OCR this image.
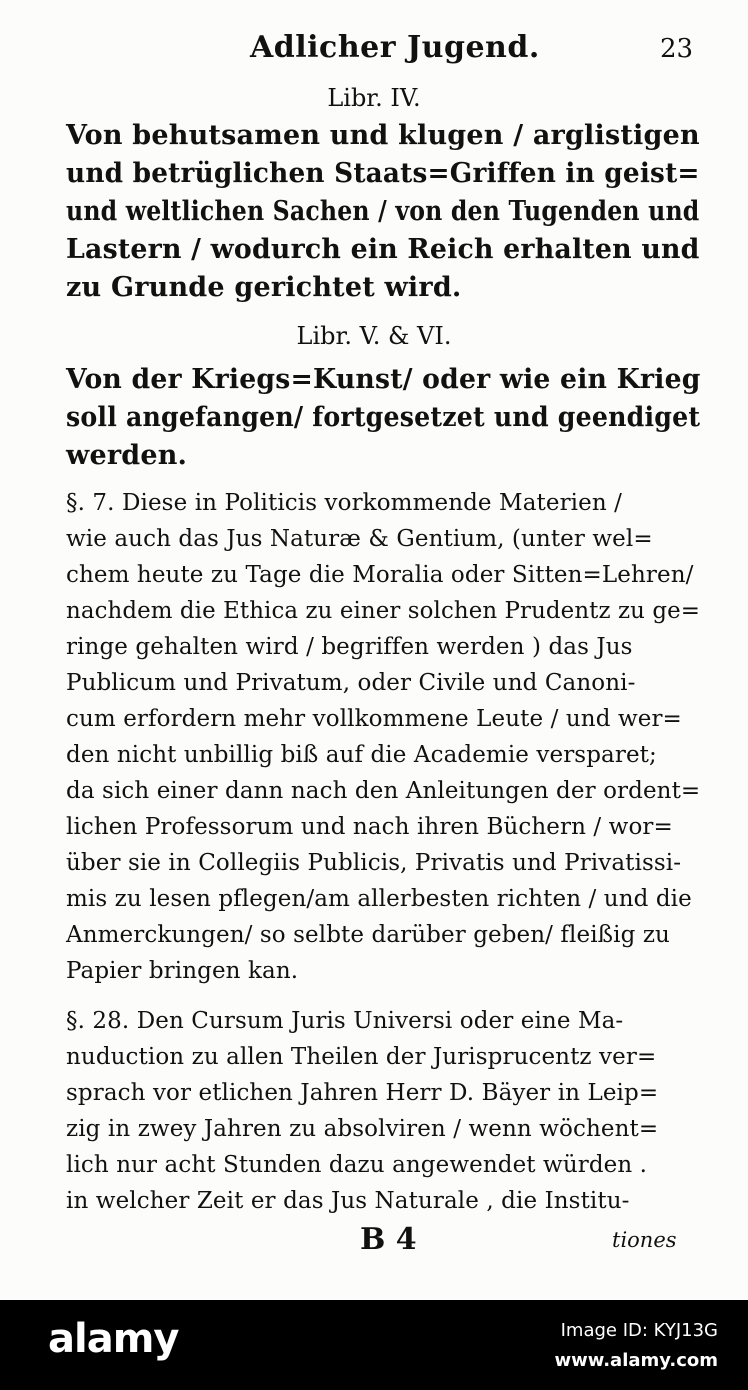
Adlicher Jugend.	23
Libr. IV.
Von behutsamen und klugen / arglistigen
und betrüglichen Staats=Griffen in geist=
und weltlichen Sachen / von den Tugenden und
Lastern / wodurch ein Reich erhalten und
zu Grunde gerichtet wird.
Libr. V. & VI.
Von der Kriegs=Kunst/ oder wie ein Krieg
soll angefangen/ fortgesetzet und geendiget
werden.
§. 7. Diese in Politicis vorkommende Materien /
wie auch das Jus Naturæ & Gentium, (unter wel=
chem heute zu Tage die Moralia oder Sitten=Lehren/
nachdem die Ethica zu einer solchen Prudentz zu ge=
ringe gehalten wird / begriffen werden ) das Jus
Publicum und Privatum, oder Civile und Canoni-
cum erfordern mehr vollkommene Leute / und wer=
den nicht unbillig biß auf die Academie versparet;
da sich einer dann nach den Anleitungen der ordent=
lichen Professorum und nach ihren Büchern / wor=
über sie in Collegiis Publicis, Privatis und Privatissi-
mis zu lesen pflegen/am allerbesten richten / und die
Anmerckungen/ so selbte darüber geben/ fleißig zu
Papier bringen kan.
§. 28. Den Cursum Juris Universi oder eine Ma-
nuduction zu allen Theilen der Jurisprucentz ver=
sprach vor etlichen Jahren Herr D. Bäyer in Leip=
zig in zwey Jahren zu absolviren / wenn wöchent=
lich nur acht Stunden dazu angewendet würden .
in welcher Zeit er das Jus Naturale , die Institu-
B 4	tiones
alamy	Image ID: KYJ13G
www.alamy.com
